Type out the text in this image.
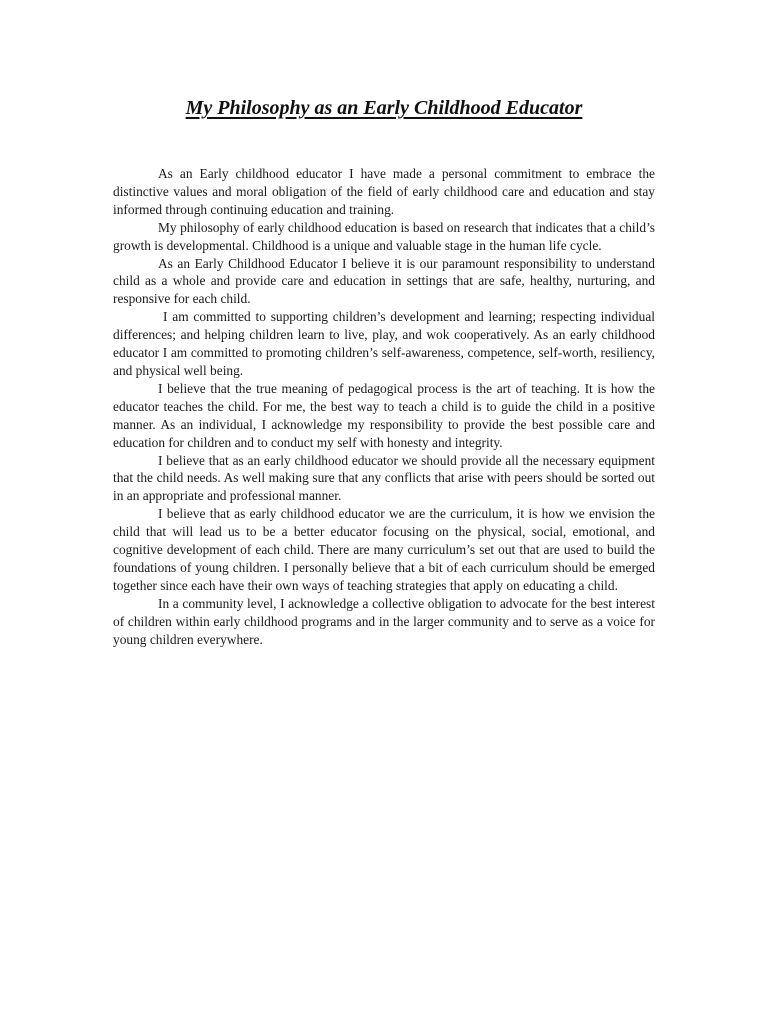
My Philosophy as an Early Childhood Educator

As an Early childhood educator I have made a personal commitment to embrace the distinctive values and moral obligation of the field of early childhood care and education and stay informed through continuing education and training.

My philosophy of early childhood education is based on research that indicates that a child’s growth is developmental. Childhood is a unique and valuable stage in the human life cycle.

As an Early Childhood Educator I believe it is our paramount responsibility to understand child as a whole and provide care and education in settings that are safe, healthy, nurturing, and responsive for each child.

I am committed to supporting children’s development and learning; respecting individual differences; and helping children learn to live, play, and wok cooperatively. As an early childhood educator I am committed to promoting children’s self-awareness, competence, self-worth, resiliency, and physical well being.

I believe that the true meaning of pedagogical process is the art of teaching. It is how the educator teaches the child. For me, the best way to teach a child is to guide the child in a positive manner. As an individual, I acknowledge my responsibility to provide the best possible care and education for children and to conduct my self with honesty and integrity.

I believe that as an early childhood educator we should provide all the necessary equipment that the child needs. As well making sure that any conflicts that arise with peers should be sorted out in an appropriate and professional manner.

I believe that as early childhood educator we are the curriculum, it is how we envision the child that will lead us to be a better educator focusing on the physical, social, emotional, and cognitive development of each child. There are many curriculum’s set out that are used to build the foundations of young children. I personally believe that a bit of each curriculum should be emerged together since each have their own ways of teaching strategies that apply on educating a child.

In a community level, I acknowledge a collective obligation to advocate for the best interest of children within early childhood programs and in the larger community and to serve as a voice for young children everywhere.
